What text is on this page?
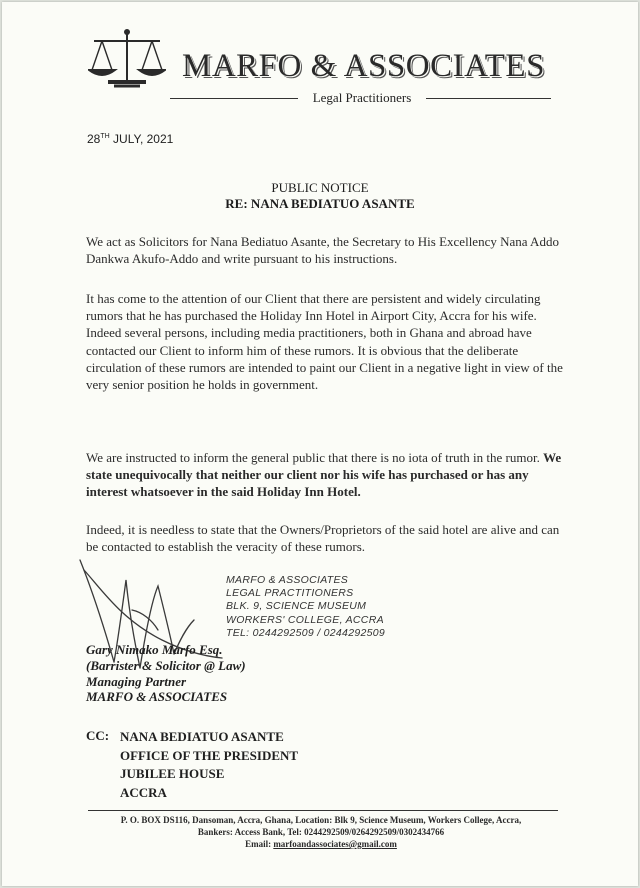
MARFO & ASSOCIATES
Legal Practitioners
28TH JULY, 2021
PUBLIC NOTICE
RE: NANA BEDIATUO ASANTE

We act as Solicitors for Nana Bediatuo Asante, the Secretary to His Excellency Nana Addo Dankwa Akufo-Addo and write pursuant to his instructions.

It has come to the attention of our Client that there are persistent and widely circulating rumors that he has purchased the Holiday Inn Hotel in Airport City, Accra for his wife. Indeed several persons, including media practitioners, both in Ghana and abroad have contacted our Client to inform him of these rumors. It is obvious that the deliberate circulation of these rumors are intended to paint our Client in a negative light in view of the very senior position he holds in government.

We are instructed to inform the general public that there is no iota of truth in the rumor. We state unequivocally that neither our client nor his wife has purchased or has any interest whatsoever in the said Holiday Inn Hotel.

Indeed, it is needless to state that the Owners/Proprietors of the said hotel are alive and can be contacted to establish the veracity of these rumors.

MARFO & ASSOCIATES
LEGAL PRACTITIONERS
BLK. 9, SCIENCE MUSEUM
WORKERS' COLLEGE, ACCRA
TEL: 0244292509 / 0244292509
Gary Nimako Marfo Esq.
(Barrister & Solicitor @ Law)
Managing Partner
MARFO & ASSOCIATES
CC: NANA BEDIATUO ASANTE
OFFICE OF THE PRESIDENT
JUBILEE HOUSE
ACCRA
P. O. BOX DS116, Dansoman, Accra, Ghana, Location: Blk 9, Science Museum, Workers College, Accra,
Bankers: Access Bank, Tel: 0244292509/0264292509/0302434766
Email: marfoandassociates@gmail.com
